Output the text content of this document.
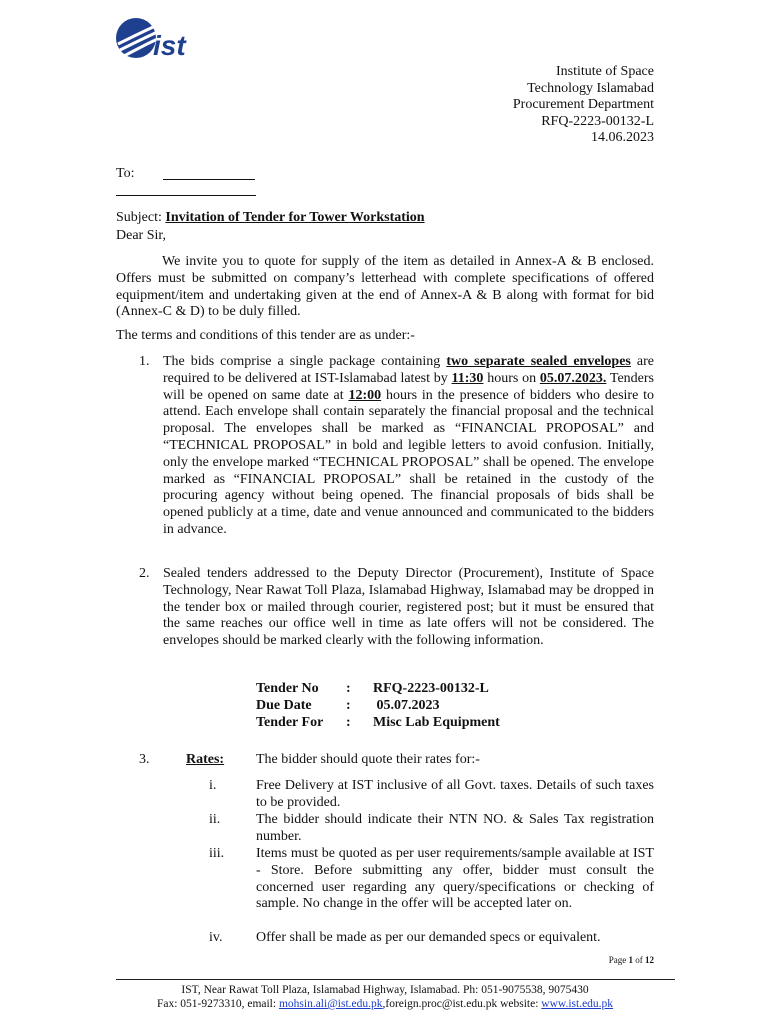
ist
Institute of Space
Technology Islamabad
Procurement Department
RFQ-2223-00132-L
14.06.2023
To:
Subject: Invitation of Tender for Tower Workstation
Dear Sir,
We invite you to quote for supply of the item as detailed in Annex-A & B enclosed. Offers must be submitted on company’s letterhead with complete specifications of offered equipment/item and undertaking given at the end of Annex-A & B along with format for bid (Annex-C & D) to be duly filled.
The terms and conditions of this tender are as under:-
1. The bids comprise a single package containing two separate sealed envelopes are required to be delivered at IST-Islamabad latest by 11:30 hours on 05.07.2023. Tenders will be opened on same date at 12:00 hours in the presence of bidders who desire to attend. Each envelope shall contain separately the financial proposal and the technical proposal. The envelopes shall be marked as “FINANCIAL PROPOSAL” and “TECHNICAL PROPOSAL” in bold and legible letters to avoid confusion. Initially, only the envelope marked “TECHNICAL PROPOSAL” shall be opened. The envelope marked as “FINANCIAL PROPOSAL” shall be retained in the custody of the procuring agency without being opened. The financial proposals of bids shall be opened publicly at a time, date and venue announced and communicated to the bidders in advance.
2. Sealed tenders addressed to the Deputy Director (Procurement), Institute of Space Technology, Near Rawat Toll Plaza, Islamabad Highway, Islamabad may be dropped in the tender box or mailed through courier, registered post; but it must be ensured that the same reaches our office well in time as late offers will not be considered. The envelopes should be marked clearly with the following information.
Tender No	:	RFQ-2223-00132-L
Due Date	:	05.07.2023
Tender For	:	Misc Lab Equipment
3.	Rates: The bidder should quote their rates for:-
i.	Free Delivery at IST inclusive of all Govt. taxes. Details of such taxes to be provided.
ii.	The bidder should indicate their NTN NO. & Sales Tax registration number.
iii. Items must be quoted as per user requirements/sample available at IST - Store. Before submitting any offer, bidder must consult the concerned user regarding any query/specifications or checking of sample. No change in the offer will be accepted later on.
iv. Offer shall be made as per our demanded specs or equivalent.
Page 1 of 12
IST, Near Rawat Toll Plaza, Islamabad Highway, Islamabad. Ph: 051-9075538, 9075430
Fax: 051-9273310, email: mohsin.ali@ist.edu.pk,foreign.proc@ist.edu.pk website: www.ist.edu.pk
